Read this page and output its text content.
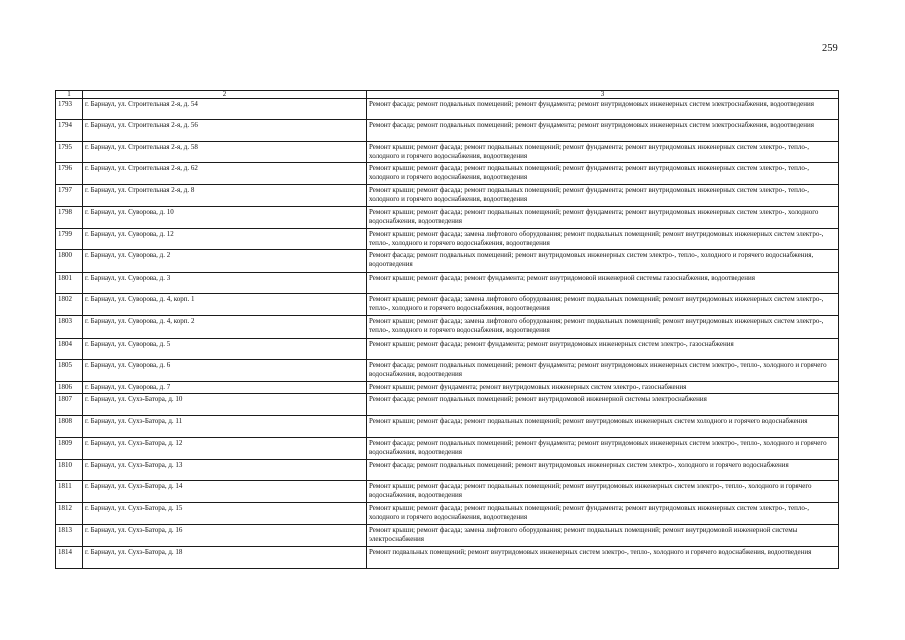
259
1	2	3
1793	г. Барнаул, ул. Строительная 2-я, д. 54	Ремонт фасада; ремонт подвальных помещений; ремонт фундамента; ремонт внутридомовых инженерных систем электроснабжения, водоотведения
1794	г. Барнаул, ул. Строительная 2-я, д. 56	Ремонт фасада; ремонт подвальных помещений; ремонт фундамента; ремонт внутридомовых инженерных систем электроснабжения, водоотведения
1795	г. Барнаул, ул. Строительная 2-я, д. 58	Ремонт крыши; ремонт фасада; ремонт подвальных помещений; ремонт фундамента; ремонт внутридомовых инженерных систем электро-, тепло-, холодного и горячего водоснабжения, водоотведения
1796	г. Барнаул, ул. Строительная 2-я, д. 62	Ремонт крыши; ремонт фасада; ремонт подвальных помещений; ремонт фундамента; ремонт внутридомовых инженерных систем электро-, тепло-, холодного и горячего водоснабжения, водоотведения
1797	г. Барнаул, ул. Строительная 2-я, д. 8	Ремонт крыши; ремонт фасада; ремонт подвальных помещений; ремонт фундамента; ремонт внутридомовых инженерных систем электро-, тепло-, холодного и горячего водоснабжения, водоотведения
1798	г. Барнаул, ул. Суворова, д. 10	Ремонт крыши; ремонт фасада; ремонт подвальных помещений; ремонт фундамента; ремонт внутридомовых инженерных систем электро-, холодного водоснабжения, водоотведения
1799	г. Барнаул, ул. Суворова, д. 12	Ремонт крыши; ремонт фасада; замена лифтового оборудования; ремонт подвальных помещений; ремонт внутридомовых инженерных систем электро-, тепло-, холодного и горячего водоснабжения, водоотведения
1800	г. Барнаул, ул. Суворова, д. 2	Ремонт фасада; ремонт подвальных помещений; ремонт внутридомовых инженерных систем электро-, тепло-, холодного и горячего водоснабжения, водоотведения
1801	г. Барнаул, ул. Суворова, д. 3	Ремонт крыши; ремонт фасада; ремонт фундамента; ремонт внутридомовой инженерной системы газоснабжения, водоотведения
1802	г. Барнаул, ул. Суворова, д. 4, корп. 1	Ремонт крыши; ремонт фасада; замена лифтового оборудования; ремонт подвальных помещений; ремонт внутридомовых инженерных систем электро-, тепло-, холодного и горячего водоснабжения, водоотведения
1803	г. Барнаул, ул. Суворова, д. 4, корп. 2	Ремонт крыши; ремонт фасада; замена лифтового оборудования; ремонт подвальных помещений; ремонт внутридомовых инженерных систем электро-, тепло-, холодного и горячего водоснабжения, водоотведения
1804	г. Барнаул, ул. Суворова, д. 5	Ремонт крыши; ремонт фасада; ремонт фундамента; ремонт внутридомовых инженерных систем электро-, газоснабжения
1805	г. Барнаул, ул. Суворова, д. 6	Ремонт фасада; ремонт подвальных помещений; ремонт фундамента; ремонт внутридомовых инженерных систем электро-, тепло-, холодного и горячего водоснабжения, водоотведения
1806	г. Барнаул, ул. Суворова, д. 7	Ремонт крыши; ремонт фундамента; ремонт внутридомовых инженерных систем электро-, газоснабжения
1807	г. Барнаул, ул. Сухэ-Батора, д. 10	Ремонт фасада; ремонт подвальных помещений; ремонт внутридомовой инженерной системы электроснабжения
1808	г. Барнаул, ул. Сухэ-Батора, д. 11	Ремонт крыши; ремонт фасада; ремонт подвальных помещений; ремонт внутридомовых инженерных систем холодного и горячего водоснабжения
1809	г. Барнаул, ул. Сухэ-Батора, д. 12	Ремонт фасада; ремонт подвальных помещений; ремонт фундамента; ремонт внутридомовых инженерных систем электро-, тепло-, холодного и горячего водоснабжения, водоотведения
1810	г. Барнаул, ул. Сухэ-Батора, д. 13	Ремонт фасада; ремонт подвальных помещений; ремонт внутридомовых инженерных систем электро-, холодного и горячего водоснабжения
1811	г. Барнаул, ул. Сухэ-Батора, д. 14	Ремонт крыши; ремонт фасада; ремонт подвальных помещений; ремонт внутридомовых инженерных систем электро-, тепло-, холодного и горячего водоснабжения, водоотведения
1812	г. Барнаул, ул. Сухэ-Батора, д. 15	Ремонт крыши; ремонт фасада; ремонт подвальных помещений; ремонт фундамента; ремонт внутридомовых инженерных систем электро-, тепло-, холодного и горячего водоснабжения, водоотведения
1813	г. Барнаул, ул. Сухэ-Батора, д. 16	Ремонт крыши; ремонт фасада; замена лифтового оборудования; ремонт подвальных помещений; ремонт внутридомовой инженерной системы электроснабжения
1814	г. Барнаул, ул. Сухэ-Батора, д. 18	Ремонт подвальных помещений; ремонт внутридомовых инженерных систем электро-, тепло-, холодного и горячего водоснабжения, водоотведения
